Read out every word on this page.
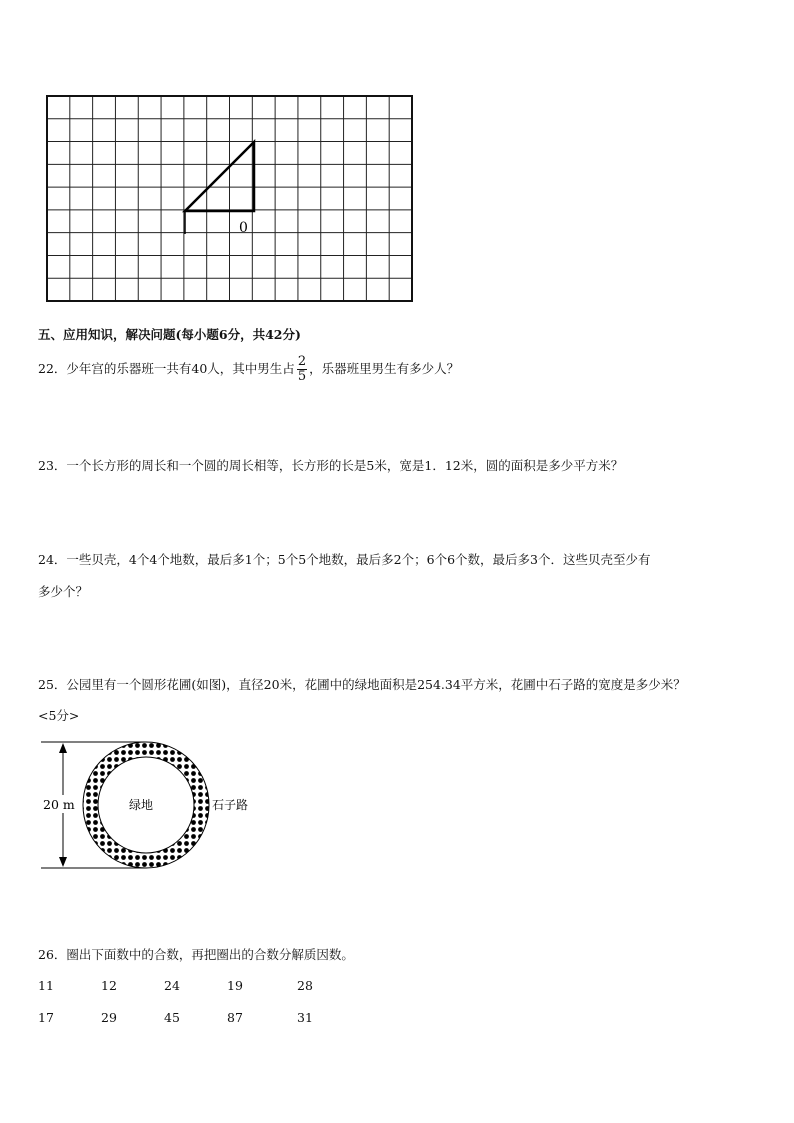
0
五、应用知识，解决问题(每小题6分，共42分)
22．少年宫的乐器班一共有40人，其中男生占 $\frac{2}{5}$ ，乐器班里男生有多少人？
23．一个长方形的周长和一个圆的周长相等，长方形的长是5米，宽是1．12米，圆的面积是多少平方米？
24．一些贝壳，4个4个地数，最后多1个；5个5个地数，最后多2个；6个6个数，最后多3个．这些贝壳至少有
多少个？
25．公园里有一个圆形花圃(如图)，直径20米，花圃中的绿地面积是254.34平方米，花圃中石子路的宽度是多少米？
<5分>
20 m	绿地	石子路
26．圈出下面数中的合数，再把圈出的合数分解质因数。
11	12	24	19	28
17	29	45	87	31
